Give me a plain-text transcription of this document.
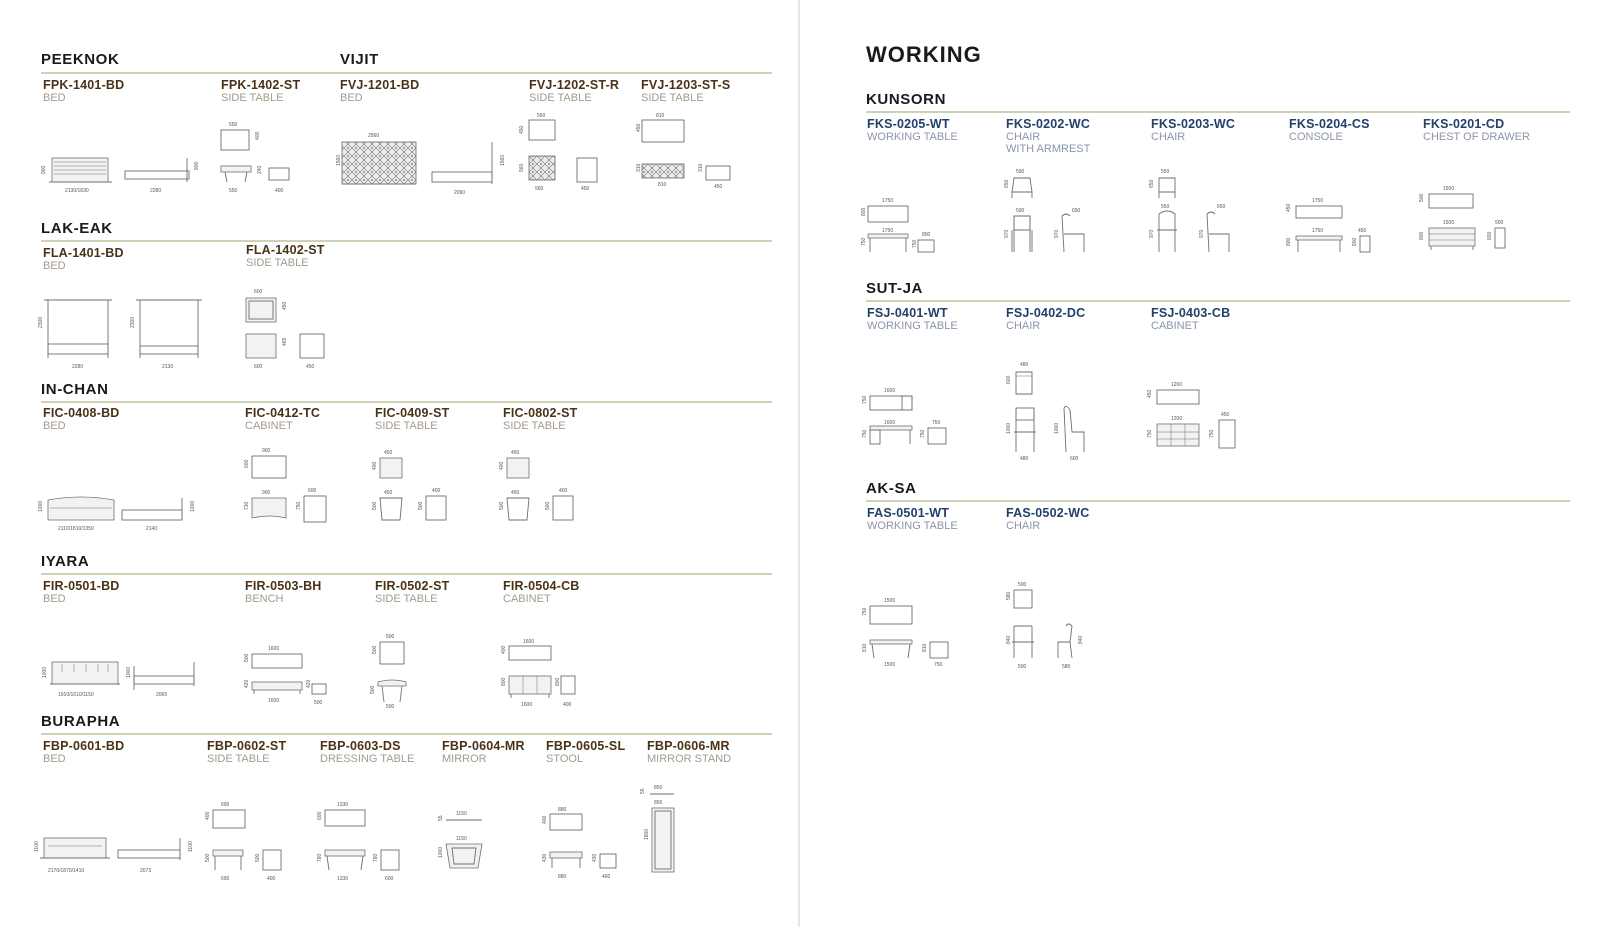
PEEKNOK	VIJIT
FPK-1401-BD
BED
FPK-1402-ST
SIDE TABLE
FVJ-1201-BD
BED
FVJ-1202-ST-R
SIDE TABLE
FVJ-1203-ST-S
SIDE TABLE
900
2130/1830	2280
800
550
400
240
550	400
2560
1560
2090
1560
560
450
560
560
450
810
450
310
810
310
450
LAK-EAK
FLA-1401-BD
BED
FLA-1402-ST
SIDE TABLE
2300
2280
2300
2130
600
450
465
600	450
IN-CHAN
FIC-0408-BD
BED
FIC-0412-TC
CABINET
FIC-0409-ST
SIDE TABLE
FIC-0802-ST
SIDE TABLE
1000
2110/1810/1350	2140
1000
900
600
900
730	750
600
450
400
450
500
400
500
450
400
450
500
400
500
IYARA
FIR-0501-BD
BED
FIR-0503-BH
BENCH
FIR-0502-ST
SIDE TABLE
FIR-0504-CB
CABINET
1000
1910/1610/1150
1000
2065
1600
500
420
1600
420
500
500
500
500
500
1600
400
800
1600
800
400
BURAPHA
FBP-0601-BD
BED
FBP-0602-ST
SIDE TABLE
FBP-0603-DS
DRESSING TABLE
FBP-0604-MR
MIRROR
FBP-0605-SL
STOOL
FBP-0606-MR
MIRROR STAND
1100
2170/1870/1410	2073
1100
690
400
500
690
500
400
1330
600
780
1330
780
600
1150
55
1150
1000
880
400
430
880
430
460
850
55
850
1800
WORKING
KUNSORN
FKS-0205-WT
WORKING TABLE
FKS-0202-WC
CHAIR
WITH ARMREST
FKS-0203-WC
CHAIR
FKS-0204-CS
CONSOLE
FKS-0201-CD
CHEST OF DRAWER
1750
800
1750
750
800
750
590
650
590	650
970	970
550
650
550	650
970	970
1750
450
1750
800
450
800
1500
500
1500	500
800	800
SUT-JA
FSJ-0401-WT
WORKING TABLE
FSJ-0402-DC
CHAIR
FSJ-0403-CB
CABINET
1600
750
1600
750
750
750
480
600
1000	1000
480	600
1200
450
1200
450
750	750
AK-SA
FAS-0501-WT
WORKING TABLE
FAS-0502-WC
CHAIR
1500
750
810
1500
810
750
500
580
840	840
500	580
